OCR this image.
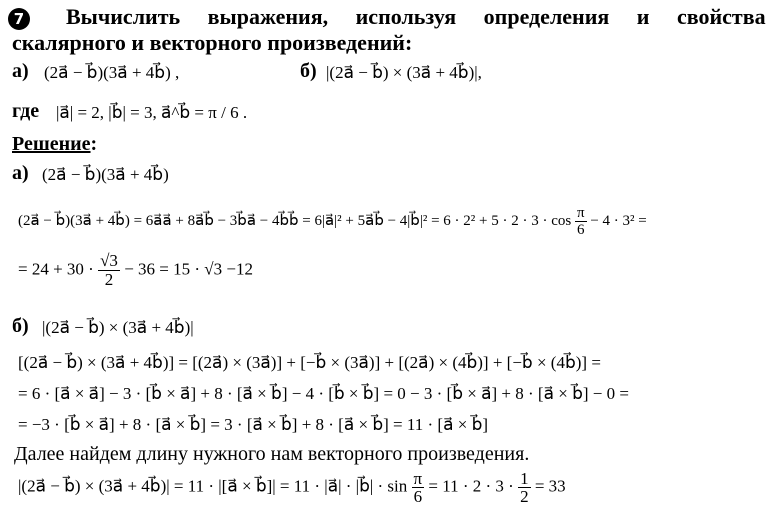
7 Вычислить выражения, используя определения и свойства
скалярного и векторного произведений:
а) (2a⃗ − b⃗)(3a⃗ + 4b⃗) ,	б) |(2a⃗ − b⃗) × (3a⃗ + 4b⃗)|,
где |a⃗| = 2, |b⃗| = 3, a⃗^b⃗ = π / 6 .
Решение:
а) (2a⃗ − b⃗)(3a⃗ + 4b⃗)
(2a⃗ − b⃗)(3a⃗ + 4b⃗) = 6a⃗a⃗ + 8a⃗b⃗ − 3b⃗a⃗ − 4b⃗b⃗ = 6|a⃗|² + 5a⃗b⃗ − 4|b⃗|² = $6 \cdot 2^2 + 5 \cdot 2 \cdot 3 \cdot \cos \frac{\pi}{6} - 4 \cdot 3^2$ =
= $24 + 30 \cdot \frac{√3}{2} - 36 = 15 \cdot √3 -12$
б) |(2a⃗ − b⃗) × (3a⃗ + 4b⃗)|
[(2a⃗ − b⃗) × (3a⃗ + 4b⃗)] = [(2a⃗) × (3a⃗)] + [−b⃗ × (3a⃗)] + [(2a⃗) × (4b⃗)] + [−b⃗ × (4b⃗)] =
= 6 · [a⃗ × a⃗] − 3 · [b⃗ × a⃗] + 8 · [a⃗ × b⃗] − 4 · [b⃗ × b⃗] = 0 − 3 · [b⃗ × a⃗] + 8 · [a⃗ × b⃗] − 0 =
= −3 · [b⃗ × a⃗] + 8 · [a⃗ × b⃗] = 3 · [a⃗ × b⃗] + 8 · [a⃗ × b⃗] = 11 · [a⃗ × b⃗]
Далее найдем длину нужного нам векторного произведения.
|(2a⃗ − b⃗) × (3a⃗ + 4b⃗)| = 11 · |[a⃗ × b⃗]| = 11 · |a⃗| · |b⃗| · $\sin \frac{\pi}{6} = 11 \cdot 2 \cdot 3 \cdot \frac{1}{2} = 33$
